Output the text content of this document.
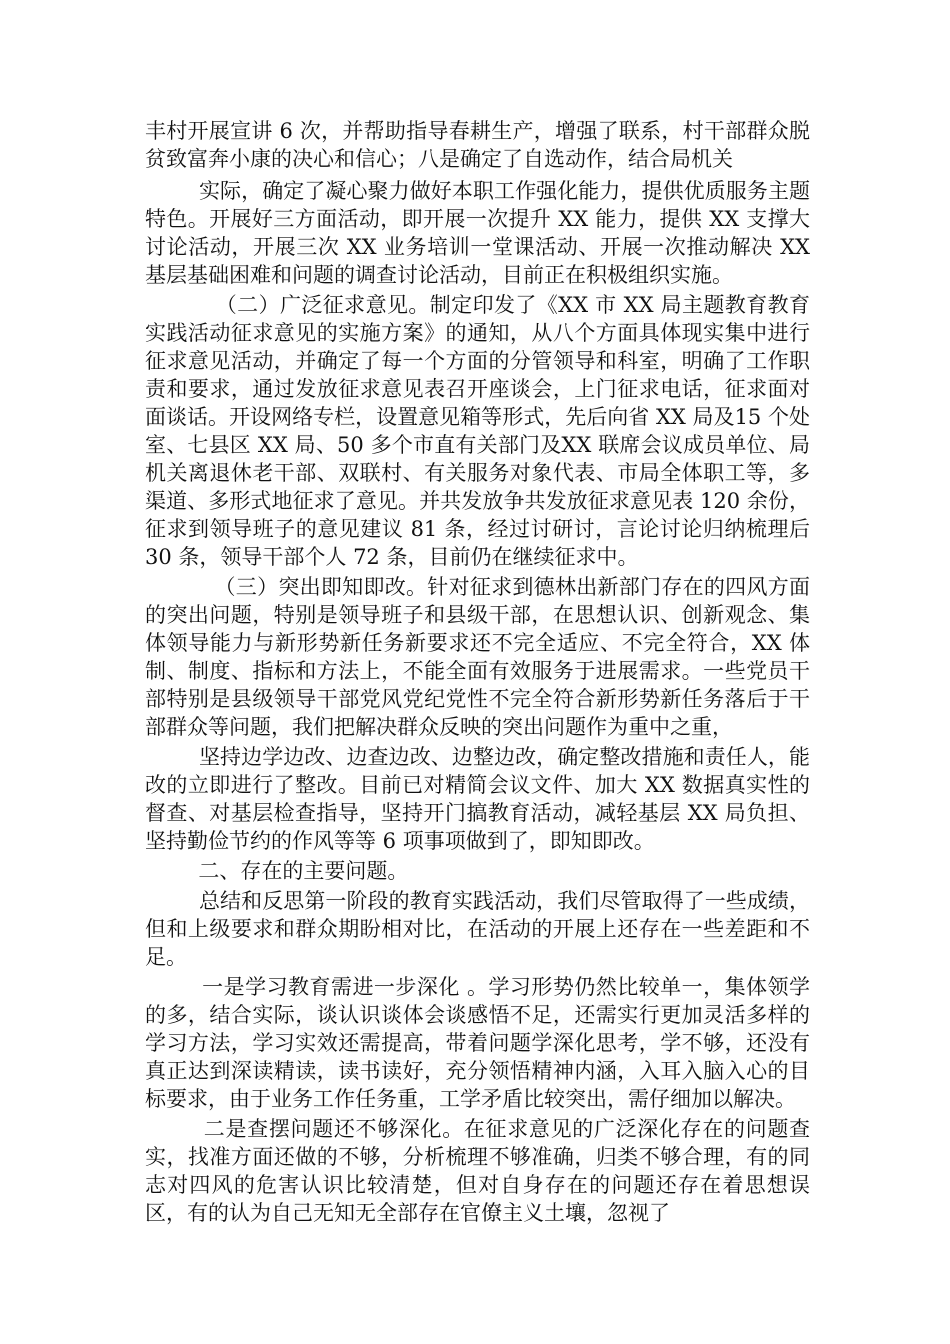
丰村开展宣讲 6 次，并帮助指导春耕生产，增强了联系，村干部群众脱贫致富奔小康的决心和信心；八是确定了自选动作，结合局机关

实际，确定了凝心聚力做好本职工作强化能力，提供优质服务主题特色。开展好三方面活动，即开展一次提升 XX 能力，提供 XX 支撑大讨论活动，开展三次 XX 业务培训一堂课活动、开展一次推动解决 XX 基层基础困难和问题的调查讨论活动，目前正在积极组织实施。

（二）广泛征求意见。制定印发了《XX 市 XX 局主题教育教育实践活动征求意见的实施方案》的通知，从八个方面具体现实集中进行征求意见活动，并确定了每一个方面的分管领导和科室，明确了工作职责和要求，通过发放征求意见表召开座谈会，上门征求电话，征求面对面谈话。开设网络专栏，设置意见箱等形式，先后向省 XX 局及15 个处室、七县区 XX 局、50 多个市直有关部门及XX 联席会议成员单位、局机关离退休老干部、双联村、有关服务对象代表、市局全体职工等，多渠道、多形式地征求了意见。并共发放争共发放征求意见表 120 余份，征求到领导班子的意见建议 81 条，经过讨研讨，言论讨论归纳梳理后 30 条，领导干部个人 72 条，目前仍在继续征求中。

（三）突出即知即改。针对征求到德林出新部门存在的四风方面的突出问题，特别是领导班子和县级干部，在思想认识、创新观念、集体领导能力与新形势新任务新要求还不完全适应、不完全符合，XX 体制、制度、指标和方法上，不能全面有效服务于进展需求。一些党员干部特别是县级领导干部党风党纪党性不完全符合新形势新任务落后于干部群众等问题，我们把解决群众反映的突出问题作为重中之重，

坚持边学边改、边查边改、边整边改，确定整改措施和责任人，能改的立即进行了整改。目前已对精简会议文件、加大 XX 数据真实性的督查、对基层检查指导，坚持开门搞教育活动，减轻基层 XX 局负担、坚持勤俭节约的作风等等 6 项事项做到了，即知即改。

二、存在的主要问题。

总结和反思第一阶段的教育实践活动，我们尽管取得了一些成绩，但和上级要求和群众期盼相对比，在活动的开展上还存在一些差距和不足。

一是学习教育需进一步深化 。学习形势仍然比较单一，集体领学的多，结合实际，谈认识谈体会谈感悟不足，还需实行更加灵活多样的学习方法，学习实效还需提高，带着问题学深化思考，学不够，还没有真正达到深读精读，读书读好，充分领悟精神内涵，入耳入脑入心的目标要求，由于业务工作任务重，工学矛盾比较突出，需仔细加以解决。

二是查摆问题还不够深化。在征求意见的广泛深化存在的问题查实，找准方面还做的不够，分析梳理不够准确，归类不够合理，有的同志对四风的危害认识比较清楚，但对自身存在的问题还存在着思想误区，有的认为自己无知无全部存在官僚主义土壤，忽视了
